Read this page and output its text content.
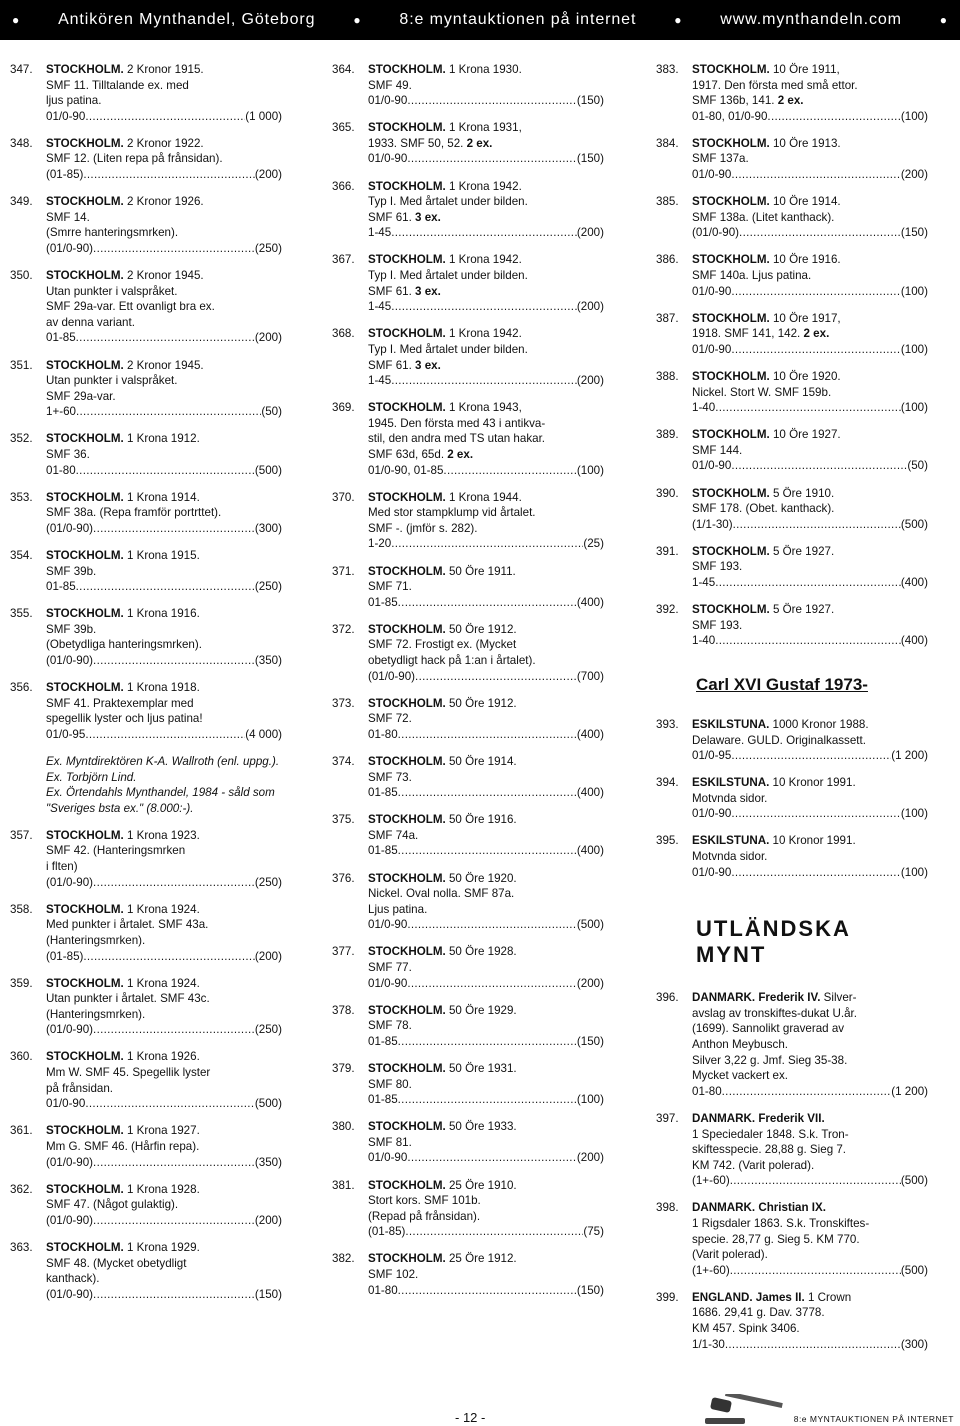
● Antikören Mynthandel, Göteborg	● 8:e myntauktionen på internet	● www.mynthandeln.com	●
347.	STOCKHOLM. 2 Kronor 1915.
SMF 11. Tilltalande ex. med
ljus patina.
01/0-90 .....	(1 000)
348.	STOCKHOLM. 2 Kronor 1922.
SMF 12. (Liten repa på frånsidan).
(01-85) .....	(200)
349.	STOCKHOLM. 2 Kronor 1926.
SMF 14.
(Smrre hanteringsmrken).
(01/0-90) .....	(250)
350.	STOCKHOLM. 2 Kronor 1945.
Utan punkter i valspråket.
SMF 29a-var. Ett ovanligt bra ex.
av denna variant.
01-85 .....	(200)
351.	STOCKHOLM. 2 Kronor 1945.
Utan punkter i valspråket.
SMF 29a-var.
1+-60 .....	(50)
352.	STOCKHOLM. 1 Krona 1912.
SMF 36.
01-80 .....	(500)
353.	STOCKHOLM. 1 Krona 1914.
SMF 38a. (Repa framför portrttet).
(01/0-90) .....	(300)
354.	STOCKHOLM. 1 Krona 1915.
SMF 39b.
01-85 .....	(250)
355.	STOCKHOLM. 1 Krona 1916.
SMF 39b.
(Obetydliga hanteringsmrken).
(01/0-90) .....	(350)
356.	STOCKHOLM. 1 Krona 1918.
SMF 41. Praktexemplar med
spegellik lyster och ljus patina!
01/0-95 .....	(4 000)
Ex. Myntdirektören K-A. Wallroth (enl. uppg.).
Ex. Torbjörn Lind.
Ex. Örtendahls Mynthandel, 1984 - såld som "Sveriges bsta ex." (8.000:-).
357.	STOCKHOLM. 1 Krona 1923.
SMF 42. (Hanteringsmrken
i flten)
(01/0-90) .....	(250)
358.	STOCKHOLM. 1 Krona 1924.
Med punkter i årtalet. SMF 43a.
(Hanteringsmrken).
(01-85) .....	(200)
359.	STOCKHOLM. 1 Krona 1924.
Utan punkter i årtalet. SMF 43c.
(Hanteringsmrken).
(01/0-90) .....	(250)
360.	STOCKHOLM. 1 Krona 1926.
Mm W. SMF 45. Spegellik lyster
på frånsidan.
01/0-90 .....	(500)
361.	STOCKHOLM. 1 Krona 1927.
Mm G. SMF 46. (Hårfin repa).
(01/0-90) .....	(350)
362.	STOCKHOLM. 1 Krona 1928.
SMF 47. (Något gulaktig).
(01/0-90) .....	(200)
363.	STOCKHOLM. 1 Krona 1929.
SMF 48. (Mycket obetydligt
kanthack).
(01/0-90) .....	(150)
364.	STOCKHOLM. 1 Krona 1930.
SMF 49.
01/0-90 .....	(150)
365.	STOCKHOLM. 1 Krona 1931,
1933. SMF 50, 52. 2 ex.
01/0-90 .....	(150)
366.	STOCKHOLM. 1 Krona 1942.
Typ I. Med årtalet under bilden.
SMF 61. 3 ex.
1-45 .....	(200)
367.	STOCKHOLM. 1 Krona 1942.
Typ I. Med årtalet under bilden.
SMF 61. 3 ex.
1-45 .....	(200)
368.	STOCKHOLM. 1 Krona 1942.
Typ I. Med årtalet under bilden.
SMF 61. 3 ex.
1-45 .....	(200)
369.	STOCKHOLM. 1 Krona 1943,
1945. Den första med 43 i antikva-
stil, den andra med TS utan hakar.
SMF 63d, 65d. 2 ex.
01/0-90, 01-85 .....	(100)
370.	STOCKHOLM. 1 Krona 1944.
Med stor stampklump vid årtalet.
SMF -. (jmför s. 282).
1-20 .....	(25)
371.	STOCKHOLM. 50 Öre 1911.
SMF 71.
01-85 .....	(400)
372.	STOCKHOLM. 50 Öre 1912.
SMF 72. Frostigt ex. (Mycket
obetydligt hack på 1:an i årtalet).
(01/0-90) .....	(700)
373.	STOCKHOLM. 50 Öre 1912.
SMF 72.
01-80 .....	(400)
374.	STOCKHOLM. 50 Öre 1914.
SMF 73.
01-85 .....	(400)
375.	STOCKHOLM. 50 Öre 1916.
SMF 74a.
01-85 .....	(400)
376.	STOCKHOLM. 50 Öre 1920.
Nickel. Oval nolla. SMF 87a.
Ljus patina.
01/0-90 .....	(500)
377.	STOCKHOLM. 50 Öre 1928.
SMF 77.
01/0-90 .....	(200)
378.	STOCKHOLM. 50 Öre 1929.
SMF 78.
01-85 .....	(150)
379.	STOCKHOLM. 50 Öre 1931.
SMF 80.
01-85 .....	(100)
380.	STOCKHOLM. 50 Öre 1933.
SMF 81.
01/0-90 .....	(200)
381.	STOCKHOLM. 25 Öre 1910.
Stort kors. SMF 101b.
(Repad på frånsidan).
(01-85) .....	(75)
382.	STOCKHOLM. 25 Öre 1912.
SMF 102.
01-80 .....	(150)
383.	STOCKHOLM. 10 Öre 1911,
1917. Den första med små ettor.
SMF 136b, 141. 2 ex.
01-80, 01/0-90 .....	(100)
384.	STOCKHOLM. 10 Öre 1913.
SMF 137a.
01/0-90 .....	(200)
385.	STOCKHOLM. 10 Öre 1914.
SMF 138a. (Litet kanthack).
(01/0-90) .....	(150)
386.	STOCKHOLM. 10 Öre 1916.
SMF 140a. Ljus patina.
01/0-90 .....	(100)
387.	STOCKHOLM. 10 Öre 1917,
1918. SMF 141, 142. 2 ex.
01/0-90 .....	(100)
388.	STOCKHOLM. 10 Öre 1920.
Nickel. Stort W. SMF 159b.
1-40 .....	(100)
389.	STOCKHOLM. 10 Öre 1927.
SMF 144.
01/0-90 .....	(50)
390.	STOCKHOLM. 5 Öre 1910.
SMF 178. (Obet. kanthack).
(1/1-30) .....	(500)
391.	STOCKHOLM. 5 Öre 1927.
SMF 193.
1-45 .....	(400)
392.	STOCKHOLM. 5 Öre 1927.
SMF 193.
1-40 .....	(400)
Carl XVI Gustaf 1973-
393.	ESKILSTUNA. 1000 Kronor 1988.
Delaware. GULD. Originalkassett.
01/0-95 .....	(1 200)
394.	ESKILSTUNA. 10 Kronor 1991.
Motvnda sidor.
01/0-90 .....	(100)
395.	ESKILSTUNA. 10 Kronor 1991.
Motvnda sidor.
01/0-90 .....	(100)
UTLÄNDSKA MYNT
396.	DANMARK. Frederik IV. Silver-
avslag av tronskiftes-dukat U.år.
(1699). Sannolikt graverad av
Anthon Meybusch.
Silver 3,22 g. Jmf. Sieg 35-38.
Mycket vackert ex.
01-80 .....	(1 200)
397.	DANMARK. Frederik VII.
1 Speciedaler 1848. S.k. Tron-
skiftesspecie. 28,88 g. Sieg 7.
KM 742. (Varit polerad).
(1+-60) .....	(500)
398.	DANMARK. Christian IX.
1 Rigsdaler 1863. S.k. Tronskiftes-
specie. 28,77 g. Sieg 5. KM 770.
(Varit polerad).
(1+-60) .....	(500)
399.	ENGLAND. James II. 1 Crown
1686. 29,41 g. Dav. 3778.
KM 457. Spink 3406.
1/1-30 .....	(300)
- 12 -	8:e MYNTAUKTIONEN PÅ INTERNET
